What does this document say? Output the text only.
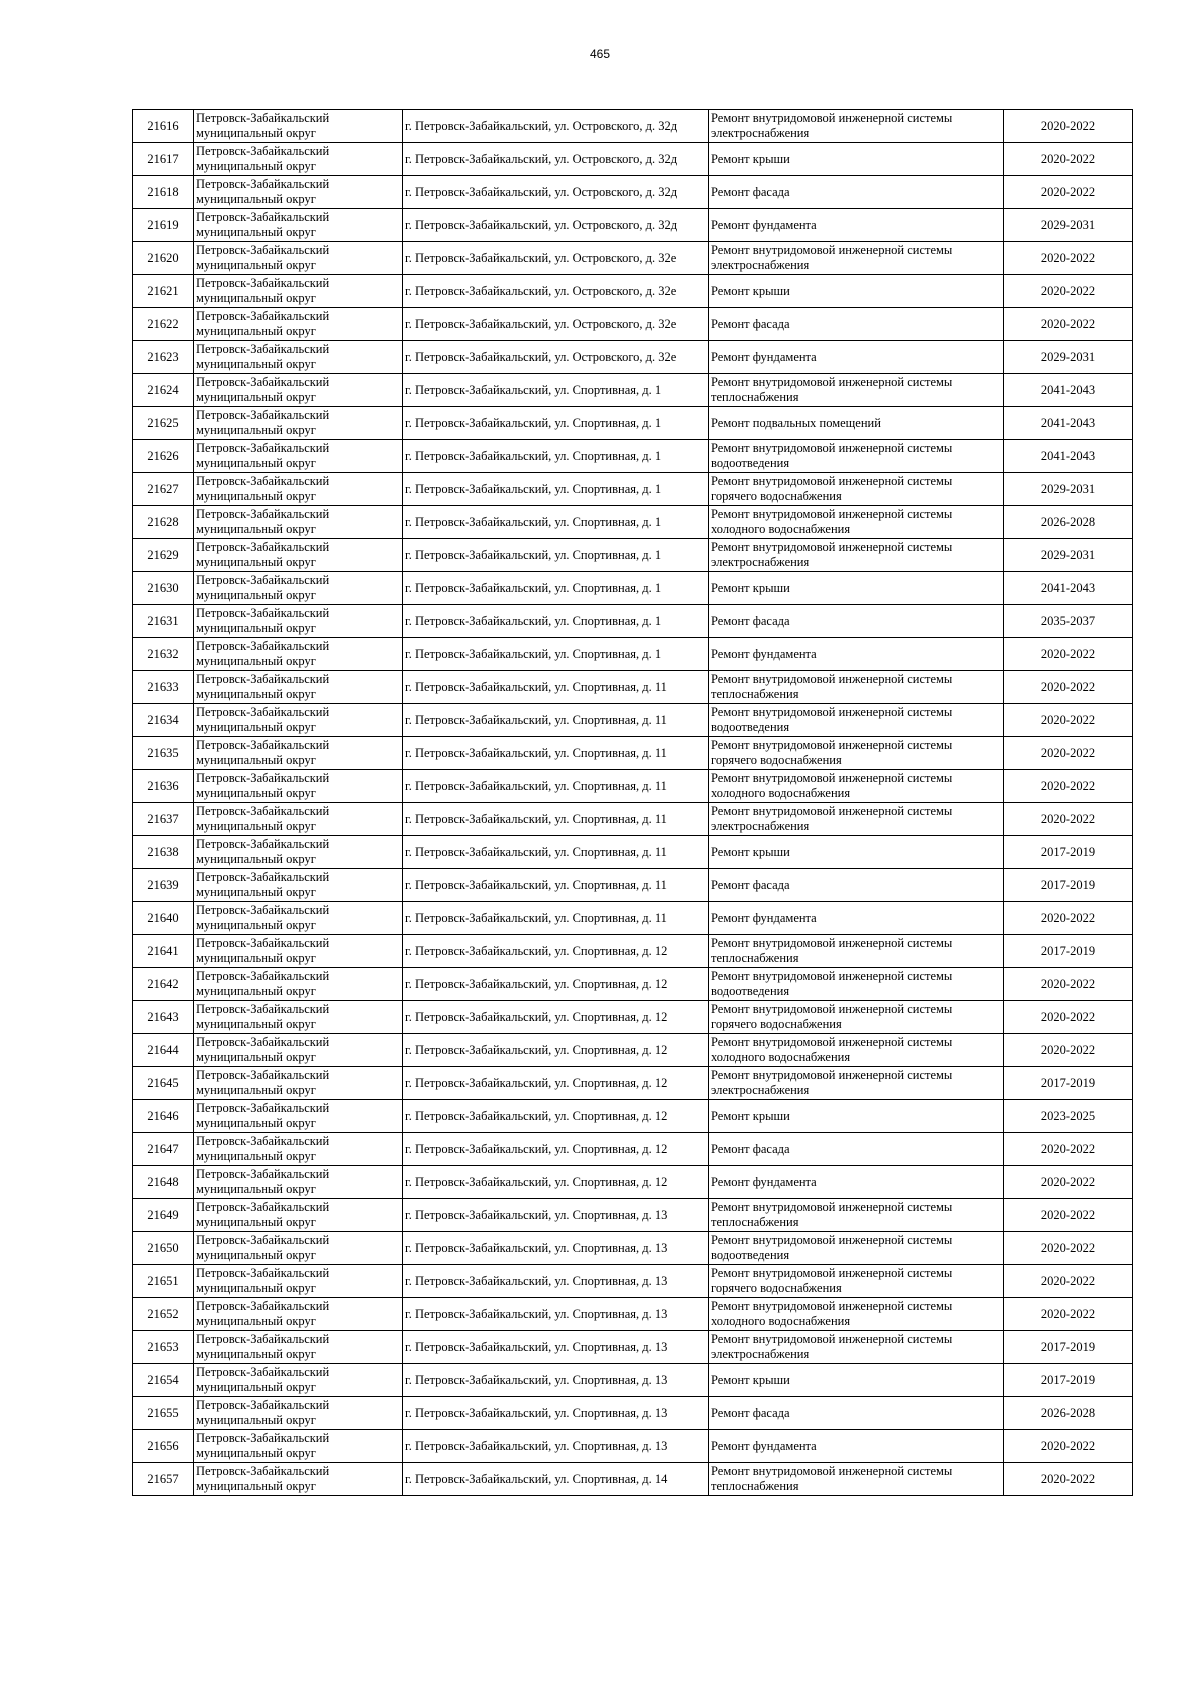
465
21616	Петровск-Забайкальский муниципальный округ	г. Петровск-Забайкальский, ул. Островского, д. 32д	Ремонт внутридомовой инженерной системы электроснабжения	2020-2022
21617	Петровск-Забайкальский муниципальный округ	г. Петровск-Забайкальский, ул. Островского, д. 32д	Ремонт крыши	2020-2022
21618	Петровск-Забайкальский муниципальный округ	г. Петровск-Забайкальский, ул. Островского, д. 32д	Ремонт фасада	2020-2022
21619	Петровск-Забайкальский муниципальный округ	г. Петровск-Забайкальский, ул. Островского, д. 32д	Ремонт фундамента	2029-2031
21620	Петровск-Забайкальский муниципальный округ	г. Петровск-Забайкальский, ул. Островского, д. 32е	Ремонт внутридомовой инженерной системы электроснабжения	2020-2022
21621	Петровск-Забайкальский муниципальный округ	г. Петровск-Забайкальский, ул. Островского, д. 32е	Ремонт крыши	2020-2022
21622	Петровск-Забайкальский муниципальный округ	г. Петровск-Забайкальский, ул. Островского, д. 32е	Ремонт фасада	2020-2022
21623	Петровск-Забайкальский муниципальный округ	г. Петровск-Забайкальский, ул. Островского, д. 32е	Ремонт фундамента	2029-2031
21624	Петровск-Забайкальский муниципальный округ	г. Петровск-Забайкальский, ул. Спортивная, д. 1	Ремонт внутридомовой инженерной системы теплоснабжения	2041-2043
21625	Петровск-Забайкальский муниципальный округ	г. Петровск-Забайкальский, ул. Спортивная, д. 1	Ремонт подвальных помещений	2041-2043
21626	Петровск-Забайкальский муниципальный округ	г. Петровск-Забайкальский, ул. Спортивная, д. 1	Ремонт внутридомовой инженерной системы водоотведения	2041-2043
21627	Петровск-Забайкальский муниципальный округ	г. Петровск-Забайкальский, ул. Спортивная, д. 1	Ремонт внутридомовой инженерной системы горячего водоснабжения	2029-2031
21628	Петровск-Забайкальский муниципальный округ	г. Петровск-Забайкальский, ул. Спортивная, д. 1	Ремонт внутридомовой инженерной системы холодного водоснабжения	2026-2028
21629	Петровск-Забайкальский муниципальный округ	г. Петровск-Забайкальский, ул. Спортивная, д. 1	Ремонт внутридомовой инженерной системы электроснабжения	2029-2031
21630	Петровск-Забайкальский муниципальный округ	г. Петровск-Забайкальский, ул. Спортивная, д. 1	Ремонт крыши	2041-2043
21631	Петровск-Забайкальский муниципальный округ	г. Петровск-Забайкальский, ул. Спортивная, д. 1	Ремонт фасада	2035-2037
21632	Петровск-Забайкальский муниципальный округ	г. Петровск-Забайкальский, ул. Спортивная, д. 1	Ремонт фундамента	2020-2022
21633	Петровск-Забайкальский муниципальный округ	г. Петровск-Забайкальский, ул. Спортивная, д. 11	Ремонт внутридомовой инженерной системы теплоснабжения	2020-2022
21634	Петровск-Забайкальский муниципальный округ	г. Петровск-Забайкальский, ул. Спортивная, д. 11	Ремонт внутридомовой инженерной системы водоотведения	2020-2022
21635	Петровск-Забайкальский муниципальный округ	г. Петровск-Забайкальский, ул. Спортивная, д. 11	Ремонт внутридомовой инженерной системы горячего водоснабжения	2020-2022
21636	Петровск-Забайкальский муниципальный округ	г. Петровск-Забайкальский, ул. Спортивная, д. 11	Ремонт внутридомовой инженерной системы холодного водоснабжения	2020-2022
21637	Петровск-Забайкальский муниципальный округ	г. Петровск-Забайкальский, ул. Спортивная, д. 11	Ремонт внутридомовой инженерной системы электроснабжения	2020-2022
21638	Петровск-Забайкальский муниципальный округ	г. Петровск-Забайкальский, ул. Спортивная, д. 11	Ремонт крыши	2017-2019
21639	Петровск-Забайкальский муниципальный округ	г. Петровск-Забайкальский, ул. Спортивная, д. 11	Ремонт фасада	2017-2019
21640	Петровск-Забайкальский муниципальный округ	г. Петровск-Забайкальский, ул. Спортивная, д. 11	Ремонт фундамента	2020-2022
21641	Петровск-Забайкальский муниципальный округ	г. Петровск-Забайкальский, ул. Спортивная, д. 12	Ремонт внутридомовой инженерной системы теплоснабжения	2017-2019
21642	Петровск-Забайкальский муниципальный округ	г. Петровск-Забайкальский, ул. Спортивная, д. 12	Ремонт внутридомовой инженерной системы водоотведения	2020-2022
21643	Петровск-Забайкальский муниципальный округ	г. Петровск-Забайкальский, ул. Спортивная, д. 12	Ремонт внутридомовой инженерной системы горячего водоснабжения	2020-2022
21644	Петровск-Забайкальский муниципальный округ	г. Петровск-Забайкальский, ул. Спортивная, д. 12	Ремонт внутридомовой инженерной системы холодного водоснабжения	2020-2022
21645	Петровск-Забайкальский муниципальный округ	г. Петровск-Забайкальский, ул. Спортивная, д. 12	Ремонт внутридомовой инженерной системы электроснабжения	2017-2019
21646	Петровск-Забайкальский муниципальный округ	г. Петровск-Забайкальский, ул. Спортивная, д. 12	Ремонт крыши	2023-2025
21647	Петровск-Забайкальский муниципальный округ	г. Петровск-Забайкальский, ул. Спортивная, д. 12	Ремонт фасада	2020-2022
21648	Петровск-Забайкальский муниципальный округ	г. Петровск-Забайкальский, ул. Спортивная, д. 12	Ремонт фундамента	2020-2022
21649	Петровск-Забайкальский муниципальный округ	г. Петровск-Забайкальский, ул. Спортивная, д. 13	Ремонт внутридомовой инженерной системы теплоснабжения	2020-2022
21650	Петровск-Забайкальский муниципальный округ	г. Петровск-Забайкальский, ул. Спортивная, д. 13	Ремонт внутридомовой инженерной системы водоотведения	2020-2022
21651	Петровск-Забайкальский муниципальный округ	г. Петровск-Забайкальский, ул. Спортивная, д. 13	Ремонт внутридомовой инженерной системы горячего водоснабжения	2020-2022
21652	Петровск-Забайкальский муниципальный округ	г. Петровск-Забайкальский, ул. Спортивная, д. 13	Ремонт внутридомовой инженерной системы холодного водоснабжения	2020-2022
21653	Петровск-Забайкальский муниципальный округ	г. Петровск-Забайкальский, ул. Спортивная, д. 13	Ремонт внутридомовой инженерной системы электроснабжения	2017-2019
21654	Петровск-Забайкальский муниципальный округ	г. Петровск-Забайкальский, ул. Спортивная, д. 13	Ремонт крыши	2017-2019
21655	Петровск-Забайкальский муниципальный округ	г. Петровск-Забайкальский, ул. Спортивная, д. 13	Ремонт фасада	2026-2028
21656	Петровск-Забайкальский муниципальный округ	г. Петровск-Забайкальский, ул. Спортивная, д. 13	Ремонт фундамента	2020-2022
21657	Петровск-Забайкальский муниципальный округ	г. Петровск-Забайкальский, ул. Спортивная, д. 14	Ремонт внутридомовой инженерной системы теплоснабжения	2020-2022
